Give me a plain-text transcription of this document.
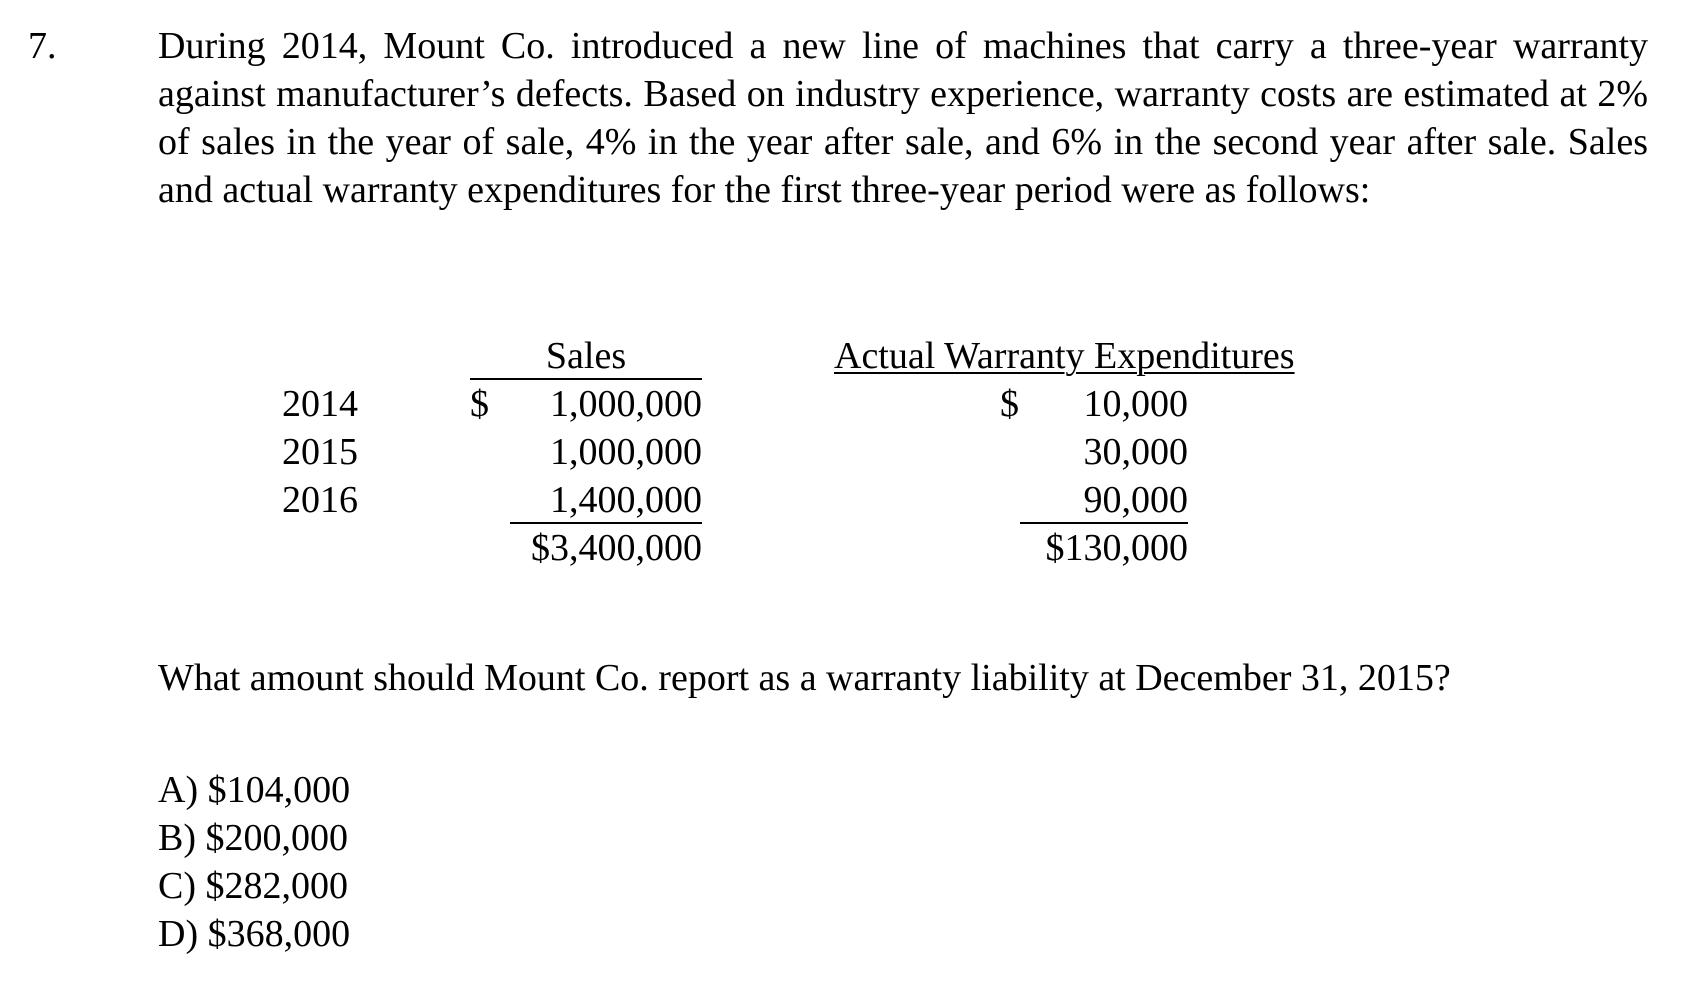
7.	During 2014, Mount Co. introduced a new line of machines that carry a three-year warranty against manufacturer’s defects. Based on industry experience, warranty costs are estimated at 2% of sales in the year of sale, 4% in the year after sale, and 6% in the second year after sale. Sales and actual warranty expenditures for the first three-year period were as follows:
2014
2015
2016
Sales
$ 1,000,000
1,000,000
1,400,000
$3,400,000
Actual Warranty Expenditures
$ 10,000
30,000
90,000
$130,000
What amount should Mount Co. report as a warranty liability at December 31, 2015?
A) $104,000
B) $200,000
C) $282,000
D) $368,000
